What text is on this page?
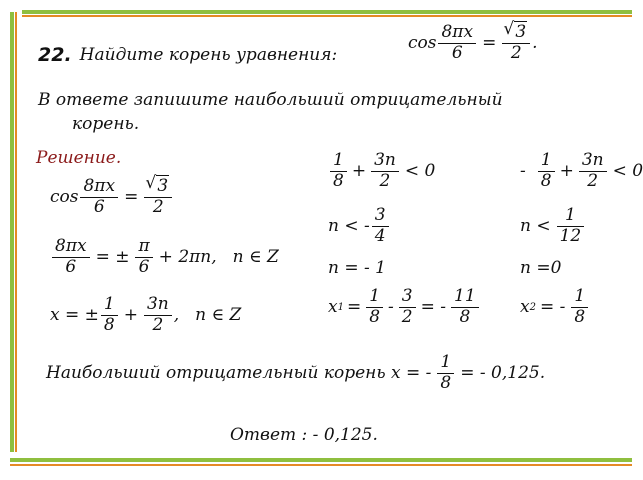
22. Найдите корень уравнения:
$\cos \frac{8\pi x}{6}$ = √ $\frac{3}{2}$ .
В ответе запишите наибольший отрицательный
корень.
Решение.
$\cos \frac{8\pi x}{6}$ = √ $\frac{3}{2}$
$\frac{8\pi x}{6}$ = ± $\frac{\pi}{6} + 2\pi n$, n ∈ Z
x = ± $\frac{1}{8} + \frac{3n}{2}$ , n ∈ Z
$\frac{1}{8} + \frac{3n}{2} < 0$
n < - $\frac{3}{4}$
n = - 1
x $1 = \frac{1}{8} - \frac{3}{2}$ = - $\frac{11}{8}$
- $\frac{1}{8} + \frac{3n}{2} < 0$
$n < \frac{1}{12}$
n =0
x 2 = - $\frac{1}{8}$
Наибольший отрицательный корень x = - $\frac{1}{8}$ = - 0,125.
Ответ : - 0,125.
